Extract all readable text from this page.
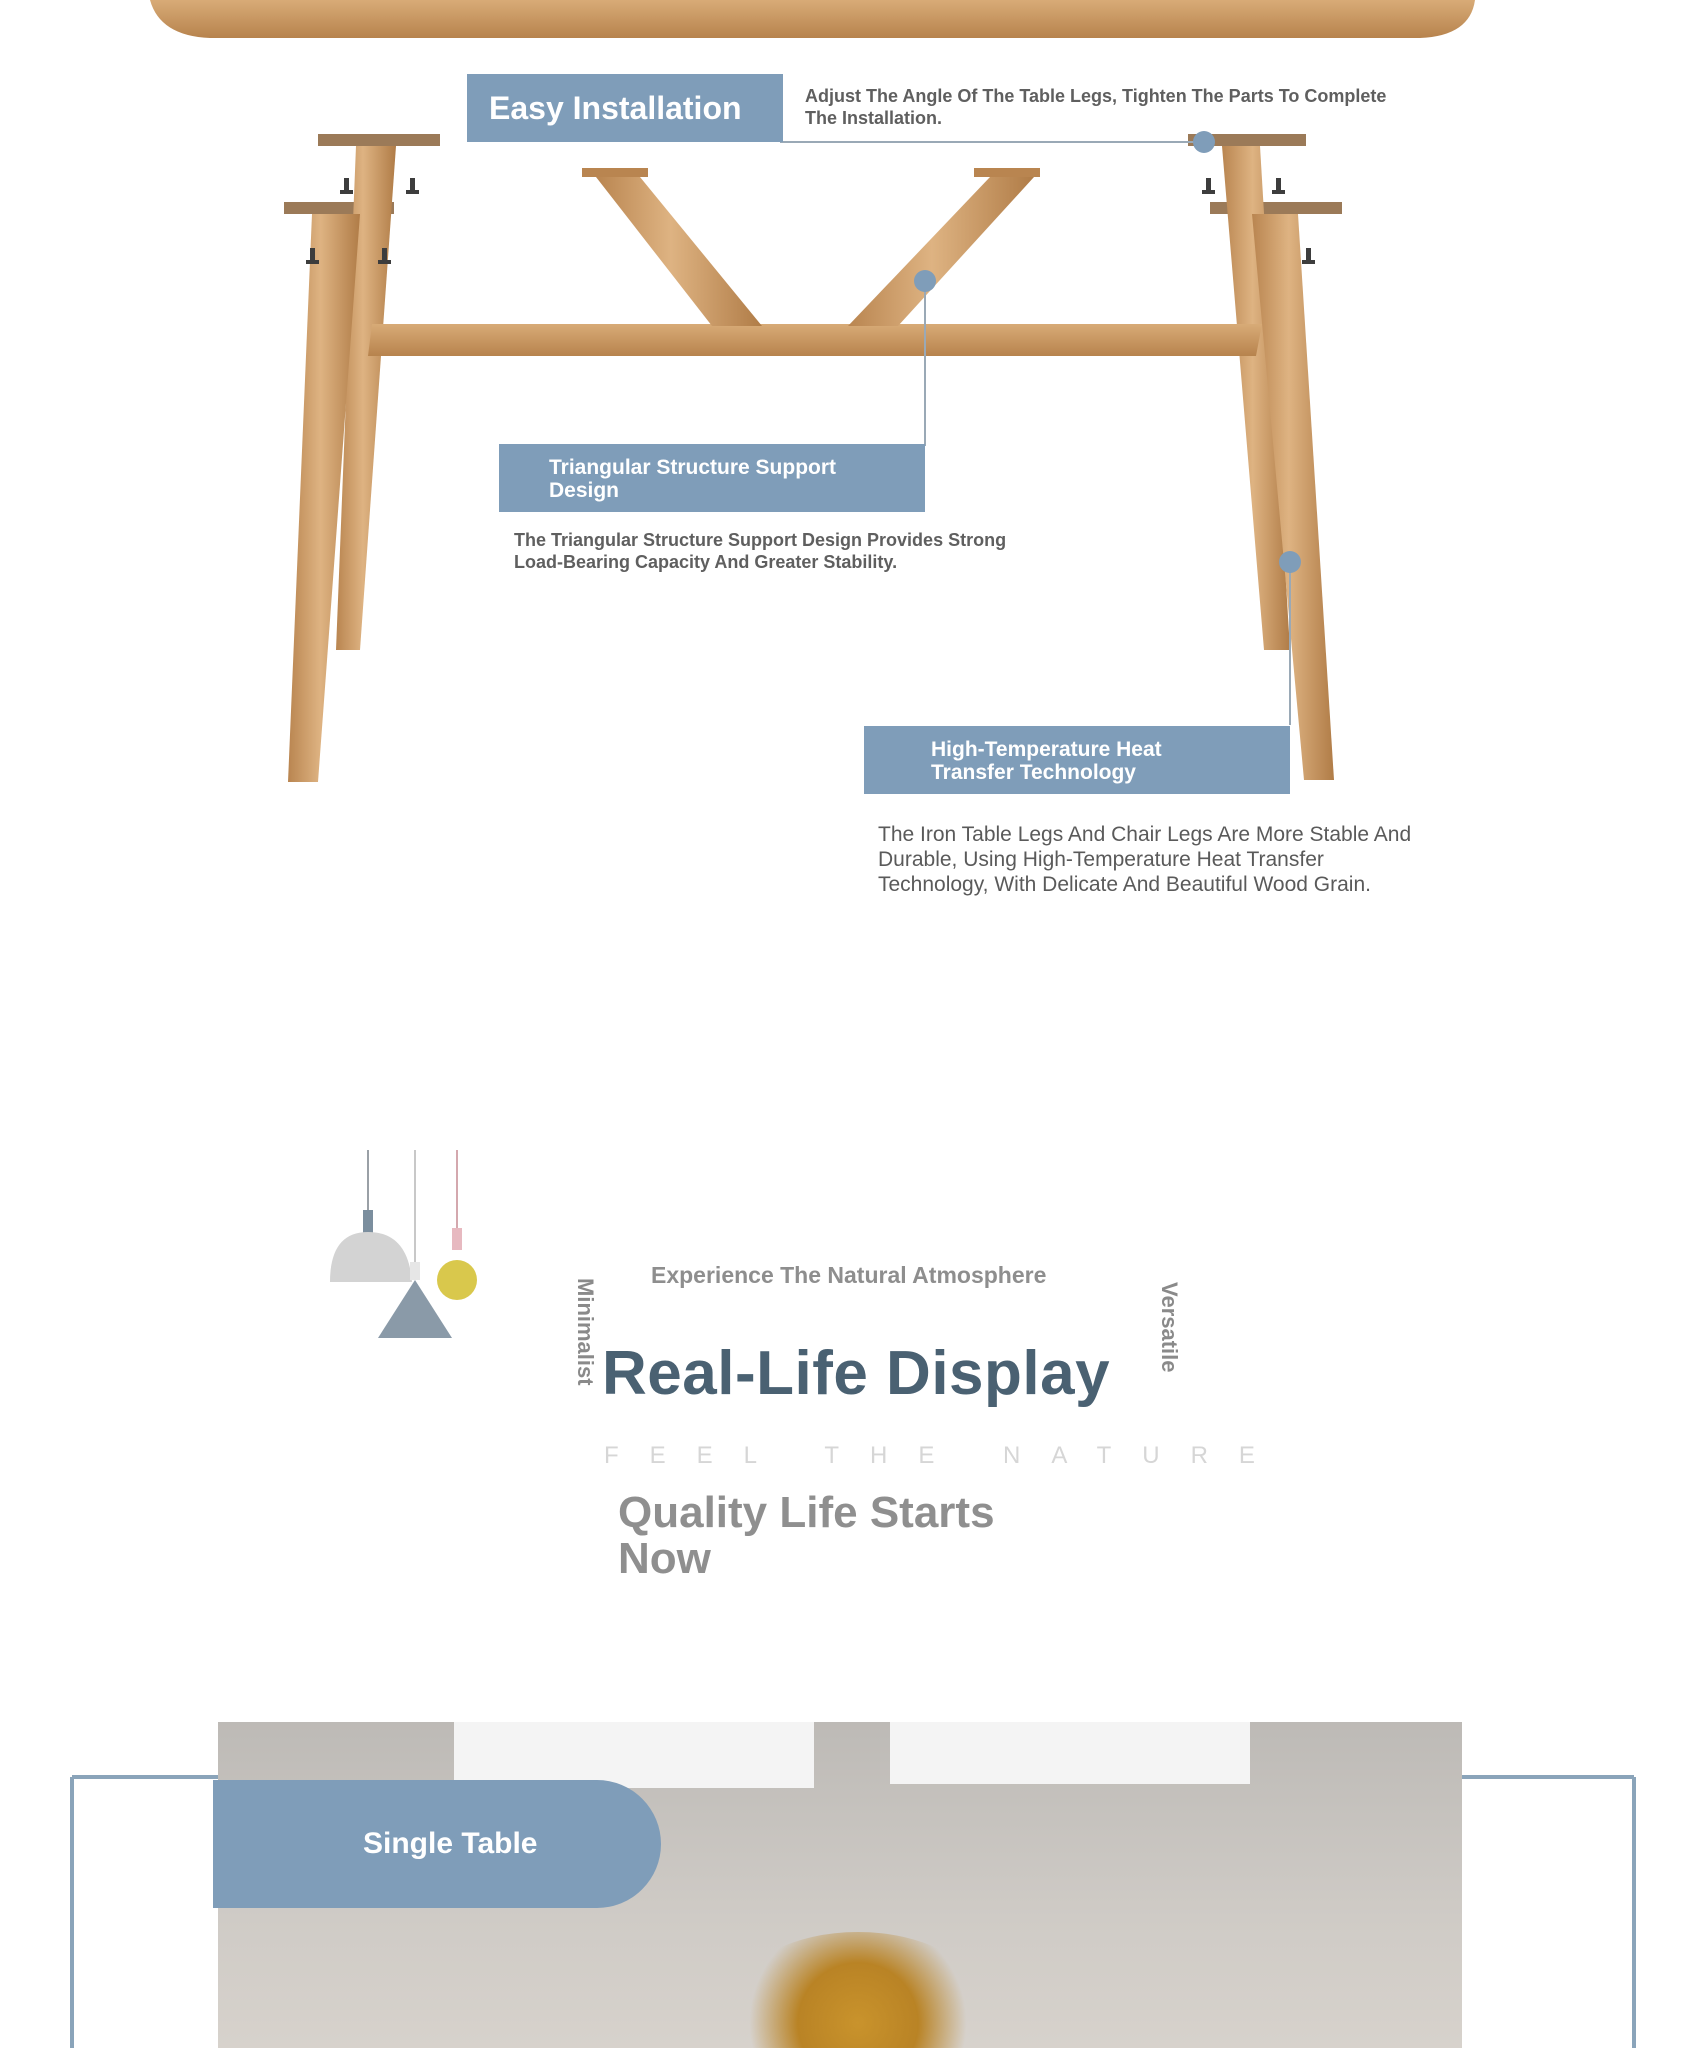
Easy Installation	Adjust The Angle Of The Table Legs, Tighten The Parts To Complete The Installation.
Triangular Structure Support Design
The Triangular Structure Support Design Provides Strong Load-Bearing Capacity And Greater Stability.
High-Temperature Heat Transfer Technology
The Iron Table Legs And Chair Legs Are More Stable And Durable, Using High-Temperature Heat Transfer Technology, With Delicate And Beautiful Wood Grain.
Minimalist	Versatile
Experience The Natural Atmosphere
Real-Life Display
FEEL THE NATURE
Quality Life Starts Now
Single Table
